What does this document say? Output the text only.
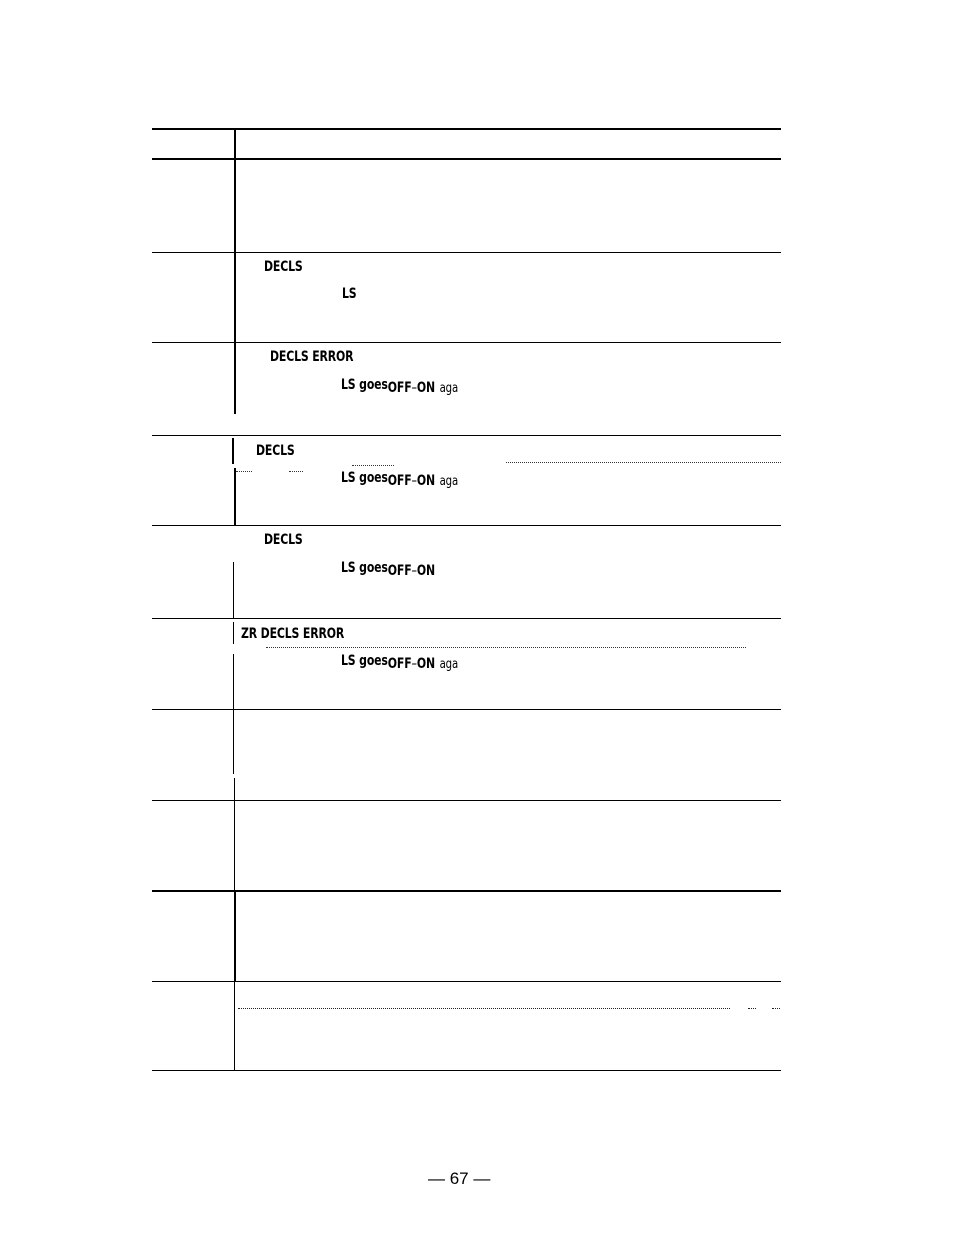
DECLS
LS
DECLS ERROR
LS goesOFF–ON aga
DECLS
LS goesOFF–ON aga
DECLS
LS goesOFF–ON
ZR DECLS ERROR
LS goesOFF–ON aga
— 67 —
